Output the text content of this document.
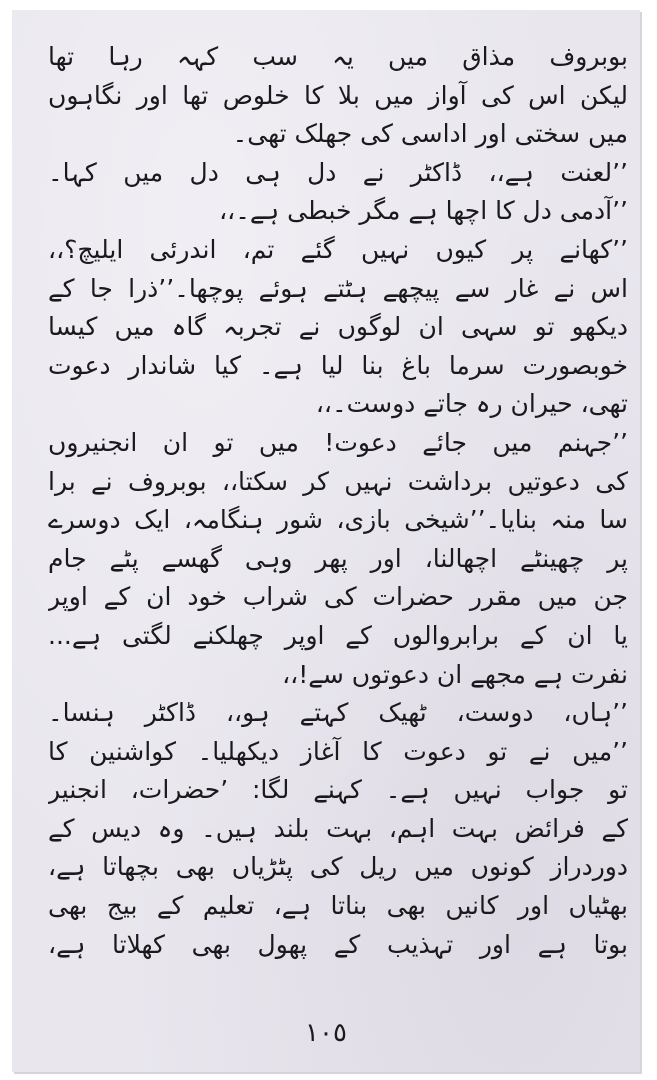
بوبروف مذاق میں یہ سب کہہ رہا تھا
لیکن اس کی آواز میں بلا کا خلوص تھا اور نگاہوں
میں سختی اور اداسی کی جھلک تھی۔
’’لعنت ہے،، ڈاکٹر نے دل ہی دل میں کہا۔
’’آدمی دل کا اچھا ہے مگر خبطی ہے۔،،
’’کھانے پر کیوں نہیں گئے تم، اندرئی ایلیچ؟،،
اس نے غار سے پیچھے ہٹتے ہوئے پوچھا۔’’ذرا جا کے
دیکھو تو سہی ان لوگوں نے تجربہ گاہ میں کیسا
خوبصورت سرما باغ بنا لیا ہے۔ کیا شاندار دعوت
تھی، حیران رہ جاتے دوست۔،،
’’جہنم میں جائے دعوت! میں تو ان انجنیروں
کی دعوتیں برداشت نہیں کر سکتا،، بوبروف نے برا
سا منہ بنایا۔’’شیخی بازی، شور ہنگامہ، ایک دوسرے
پر چھینٹے اچھالنا، اور پھر وہی گھسے پٹے جام
جن میں مقرر حضرات کی شراب خود ان کے اوپر
یا ان کے برابروالوں کے اوپر چھلکنے لگتی ہے...
نفرت ہے مجھے ان دعوتوں سے!،،
’’ہاں، دوست، ٹھیک کہتے ہو،، ڈاکٹر ہنسا۔
’’میں نے تو دعوت کا آغاز دیکھلیا۔ کواشنین کا
تو جواب نہیں ہے۔ کہنے لگا: ’حضرات، انجنیر
کے فرائض بہت اہم، بہت بلند ہیں۔ وہ دیس کے
دوردراز کونوں میں ریل کی پٹڑیاں بھی بچھاتا ہے،
بھٹیاں اور کانیں بھی بناتا ہے، تعلیم کے بیج بھی
بوتا ہے اور تہذیب کے پھول بھی کھلاتا ہے،
١٠٥
